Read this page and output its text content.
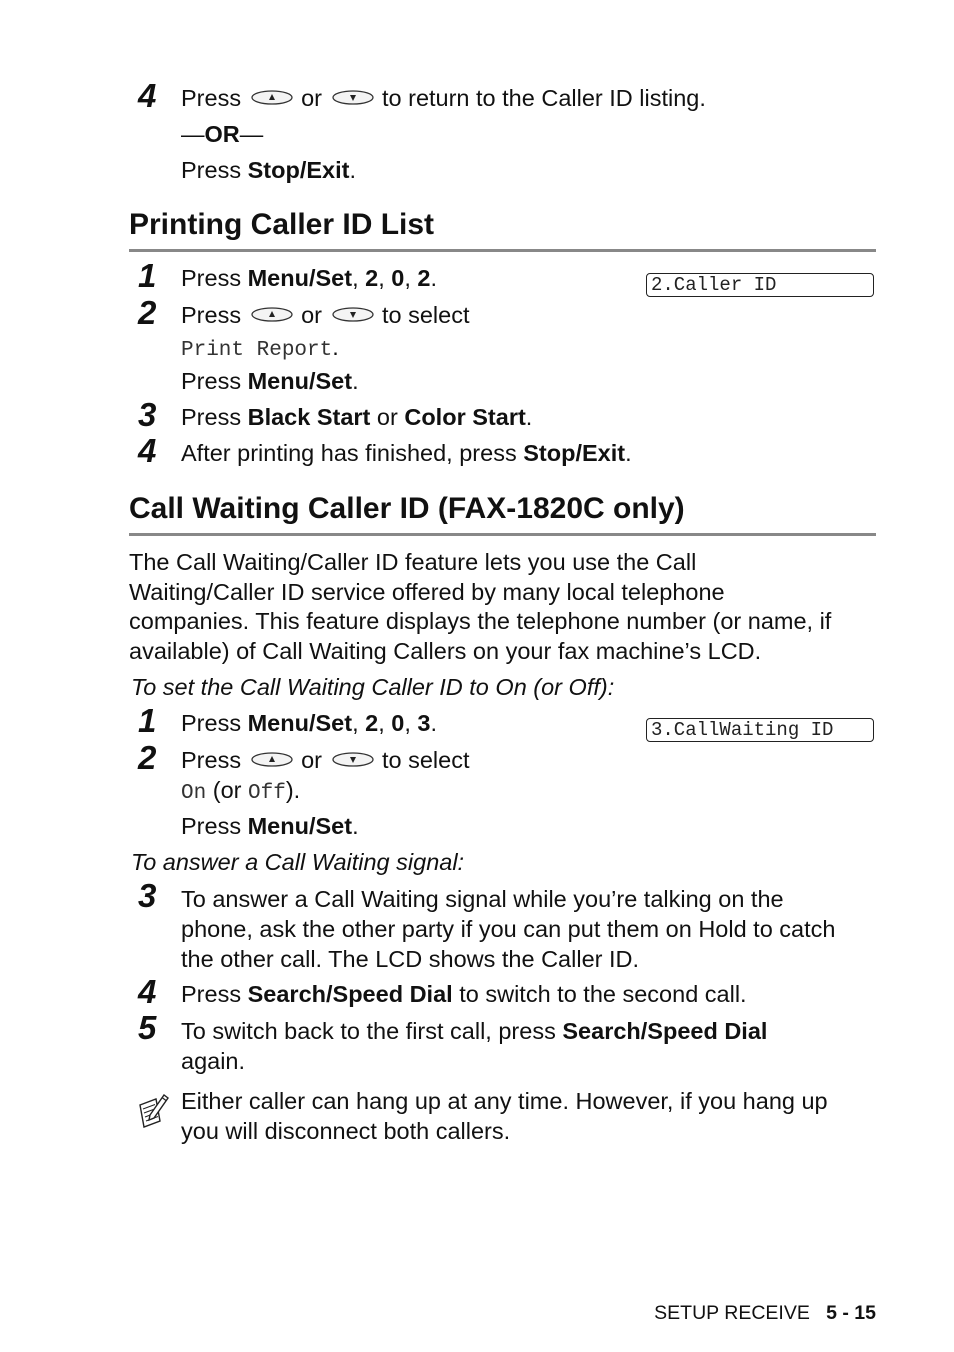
4 Press	or	to return to the Caller ID listing.
—OR—
Press Stop/Exit.
Printing Caller ID List
2.Caller ID
1 Press Menu/Set, 2, 0, 2.
2 Press	or	to select
Print Report.
Press Menu/Set.
3 Press Black Start or Color Start.
4 After printing has finished, press Stop/Exit.
Call Waiting Caller ID (FAX-1820C only)
The Call Waiting/Caller ID feature lets you use the Call
Waiting/Caller ID service offered by many local telephone
companies. This feature displays the telephone number (or name, if
available) of Call Waiting Callers on your fax machine’s LCD.
To set the Call Waiting Caller ID to On (or Off):
3.CallWaiting ID
1 Press Menu/Set, 2, 0, 3.
2 Press	or	to select
On (or Off).
Press Menu/Set.
To answer a Call Waiting signal:
3 To answer a Call Waiting signal while you’re talking on the
phone, ask the other party if you can put them on Hold to catch
the other call. The LCD shows the Caller ID.
4 Press Search/Speed Dial to switch to the second call.
5 To switch back to the first call, press Search/Speed Dial
again.
Either caller can hang up at any time. However, if you hang up
you will disconnect both callers.
SETUP RECEIVE 5 - 15
